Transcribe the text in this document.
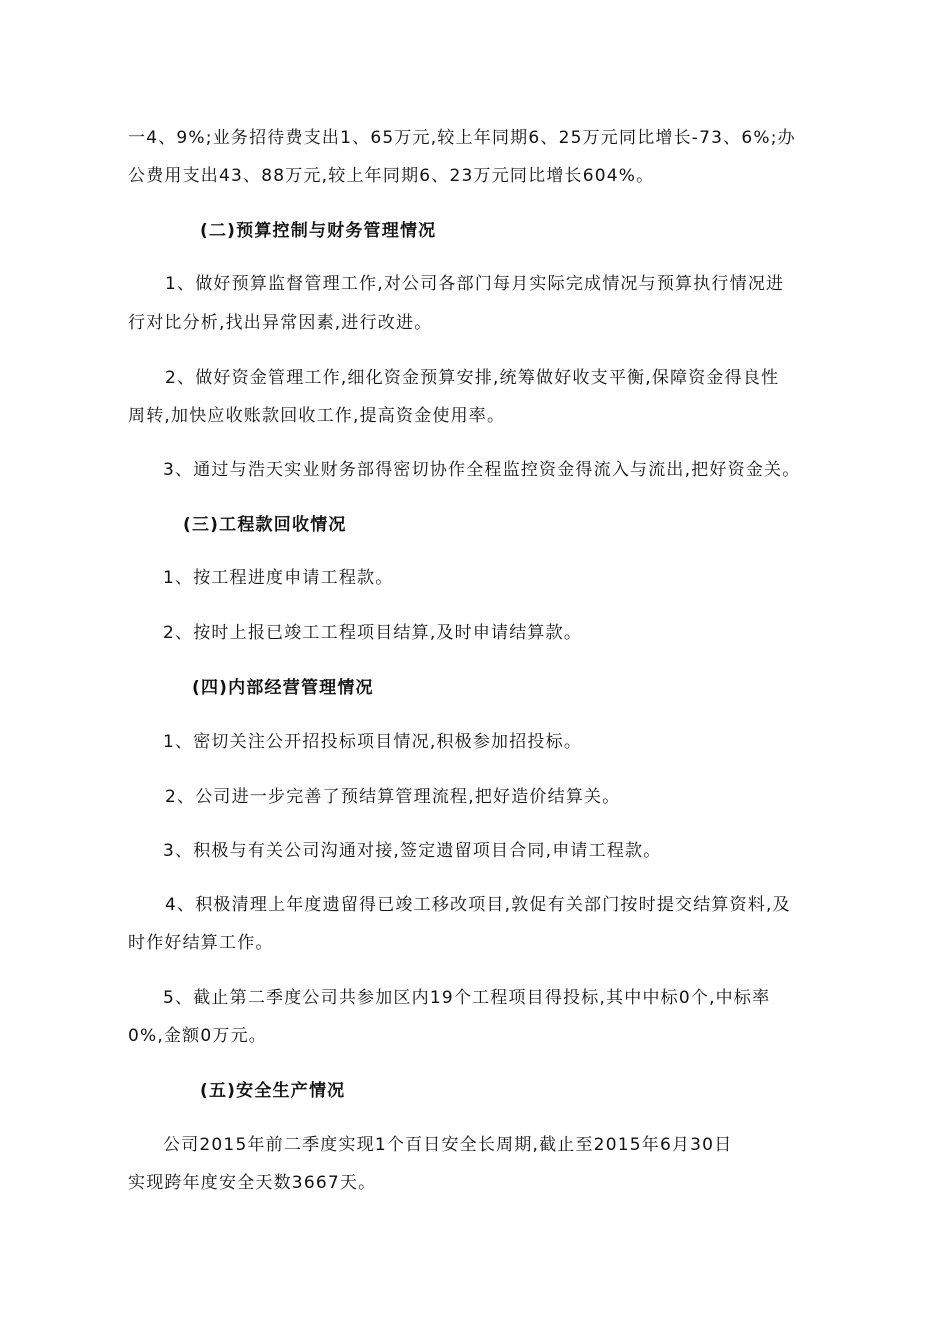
一4、9%;业务招待费支出1、65万元,较上年同期6、25万元同比增长-73、6%;办
公费用支出43、88万元,较上年同期6、23万元同比增长604%。
(二)预算控制与财务管理情况
1、做好预算监督管理工作,对公司各部门每月实际完成情况与预算执行情况进
行对比分析,找出异常因素,进行改进。
2、做好资金管理工作,细化资金预算安排,统筹做好收支平衡,保障资金得良性
周转,加快应收账款回收工作,提高资金使用率。
3、通过与浩天实业财务部得密切协作全程监控资金得流入与流出,把好资金关。
(三)工程款回收情况
1、按工程进度申请工程款。
2、按时上报已竣工工程项目结算,及时申请结算款。
(四)内部经营管理情况
1、密切关注公开招投标项目情况,积极参加招投标。
2、公司进一步完善了预结算管理流程,把好造价结算关。
3、积极与有关公司沟通对接,签定遗留项目合同,申请工程款。
4、积极清理上年度遗留得已竣工移改项目,敦促有关部门按时提交结算资料,及
时作好结算工作。
5、截止第二季度公司共参加区内19个工程项目得投标,其中中标0个,中标率
0%,金额0万元。
(五)安全生产情况
公司2015年前二季度实现1个百日安全长周期,截止至2015年6月30日
实现跨年度安全天数3667天。
